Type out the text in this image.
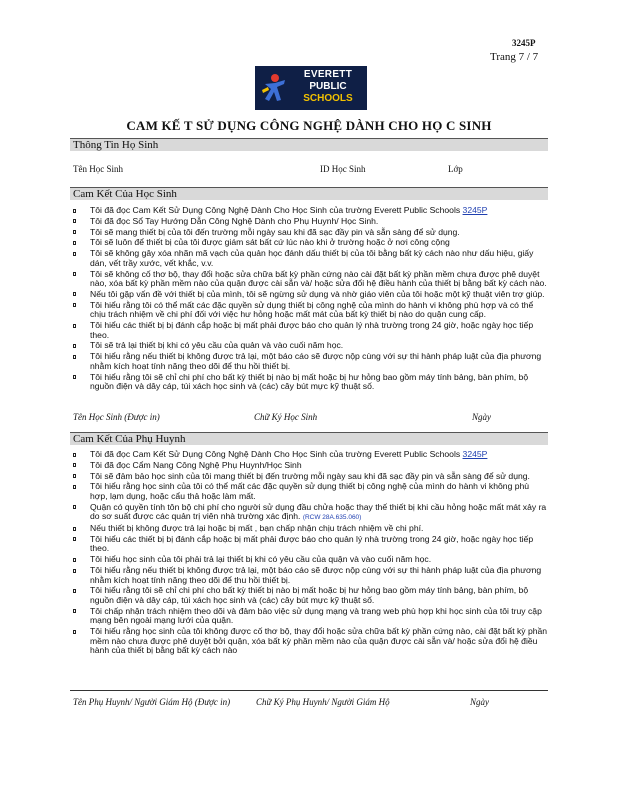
3245P
Trang 7 / 7
EVERETT
PUBLIC
SCHOOLS
CAM KẾ T SỬ DỤNG CÔNG NGHỆ DÀNH CHO HỌ C SINH
Thông Tin Họ Sinh
Tên Học Sinh	ID Học Sinh	Lớp
Cam Kết Của Học Sinh
Tôi đã đọc Cam Kết Sử Dụng Công Nghệ Dành Cho Học Sinh của trường Everett Public Schools 3245P
Tôi đã đọc Sổ Tay Hướng Dẫn Công Nghệ Dành cho Phụ Huynh/ Học Sinh.
Tôi sẽ mang thiết bị của tôi đến trường mỗi ngày sau khi đã sạc đầy pin và sẵn sàng để sử dụng.
Tôi sẽ luôn để thiết bị của tôi được giám sát bất cứ lúc nào khi ở trường hoặc ở nơi công cộng
Tôi sẽ không gây xóa nhãn mã vạch của quản học đánh dấu thiết bị của tôi bằng bất kỳ cách nào như dấu hiệu, giấy dán, vết trầy xước, vết khắc, v.v.
Tôi sẽ không cố thơ bộ, thay đổi hoặc sửa chữa bất kỳ phần cứng nào cài đặt bất kỳ phần mềm chưa được phê duyệt nào, xóa bất kỳ phần mềm nào của quận được cài sẵn và/ hoặc sửa đổi hệ điều hành của thiết bị bằng bất kỳ cách nào.
Nếu tôi gặp vấn đề với thiết bị của mình, tôi sẽ ngừng sử dụng và nhờ giáo viên của tôi hoặc một kỹ thuật viên trợ giúp.
Tôi hiểu rằng tôi có thể mất các đặc quyền sử dụng thiết bị công nghệ của mình do hành vi không phù hợp và có thể chịu trách nhiệm về chi phí đối với việc hư hỏng hoặc mất mát của bất kỳ thiết bị nào do quận cung cấp.
Tôi hiểu các thiết bị bị đánh cắp hoặc bị mất phải được báo cho quản lý nhà trường trong 24 giờ, hoặc ngày học tiếp theo.
Tôi sẽ trả lại thiết bị khi có yêu cầu của quản và vào cuối năm học.
Tôi hiểu rằng nếu thiết bị không được trả lại, một báo cáo sẽ được nộp cùng với sự thi hành pháp luật của địa phương nhằm kích hoạt tính năng theo dõi để thu hồi thiết bị.
Tôi hiểu rằng tôi sẽ chỉ chi phí cho bất kỳ thiết bị nào bị mất hoặc bị hư hỏng bao gồm máy tính bảng, bàn phím, bộ nguồn điện và dây cáp, túi xách học sinh và (các) cây bút mực kỹ thuật số.
Tên Học Sinh (Được in)	Chữ Ký Học Sinh	Ngày
Cam Kết Của Phụ Huynh
Tôi đã đọc Cam Kết Sử Dụng Công Nghệ Dành Cho Học Sinh của trường Everett Public Schools 3245P
Tôi đã đọc Cẩm Nang Công Nghệ Phụ Huynh/Học Sinh
Tôi sẽ đảm bảo học sinh của tôi mang thiết bị đến trường mỗi ngày sau khi đã sạc đầy pin và sẵn sàng để sử dụng.
Tôi hiểu rằng học sinh của tôi có thể mất các đặc quyền sử dụng thiết bị công nghệ của mình do hành vi không phù hợp, lạm dụng, hoặc cẩu thả hoặc làm mất.
Quận có quyền tính tôn bộ chi phí cho người sử dụng đầu chửa hoặc thay thế thiết bị khi cầu hỏng hoặc mất mát xảy ra do sơ suất được các quản trị viên nhà trường xác định. (RCW 28A.635.060)
Nếu thiết bị không được trả lại hoặc bị mất , bạn chấp nhận chịu trách nhiệm về chi phí.
Tôi hiểu các thiết bị bị đánh cắp hoặc bị mất phải được báo cho quản lý nhà trường trong 24 giờ, hoặc ngày học tiếp theo.
Tôi hiểu học sinh của tôi phải trả lại thiết bị khi có yêu cầu của quận và vào cuối năm học.
Tôi hiểu rằng nếu thiết bị không được trả lại, một báo cáo sẽ được nộp cùng với sự thi hành pháp luật của địa phương nhằm kích hoạt tính năng theo dõi để thu hồi thiết bị.
Tôi hiểu rằng tôi sẽ chỉ chi phí cho bất kỳ thiết bị nào bị mất hoặc bị hư hỏng bao gồm máy tính bảng, bàn phím, bộ nguồn điện và dây cáp, túi xách học sinh và (các) cây bút mực kỹ thuật số.
Tôi chấp nhận trách nhiệm theo dõi và đảm bảo việc sử dụng mạng và trang web phù hợp khi học sinh của tôi truy cập mạng bên ngoài mạng lưới của quận.
Tôi hiểu rằng học sinh của tôi không được cố thơ bộ, thay đổi hoặc sửa chữa bất kỳ phần cứng nào, cài đặt bất kỳ phần mềm nào chưa được phê duyệt bởi quận, xóa bất kỳ phần mềm nào của quận được cài sẵn và/ hoặc sửa đổi hệ điều hành của thiết bị bằng bất kỳ cách nào
Tên Phụ Huynh/ Người Giám Hộ (Được in)	Chữ Ký Phụ Huynh/ Người Giám Hộ	Ngày
